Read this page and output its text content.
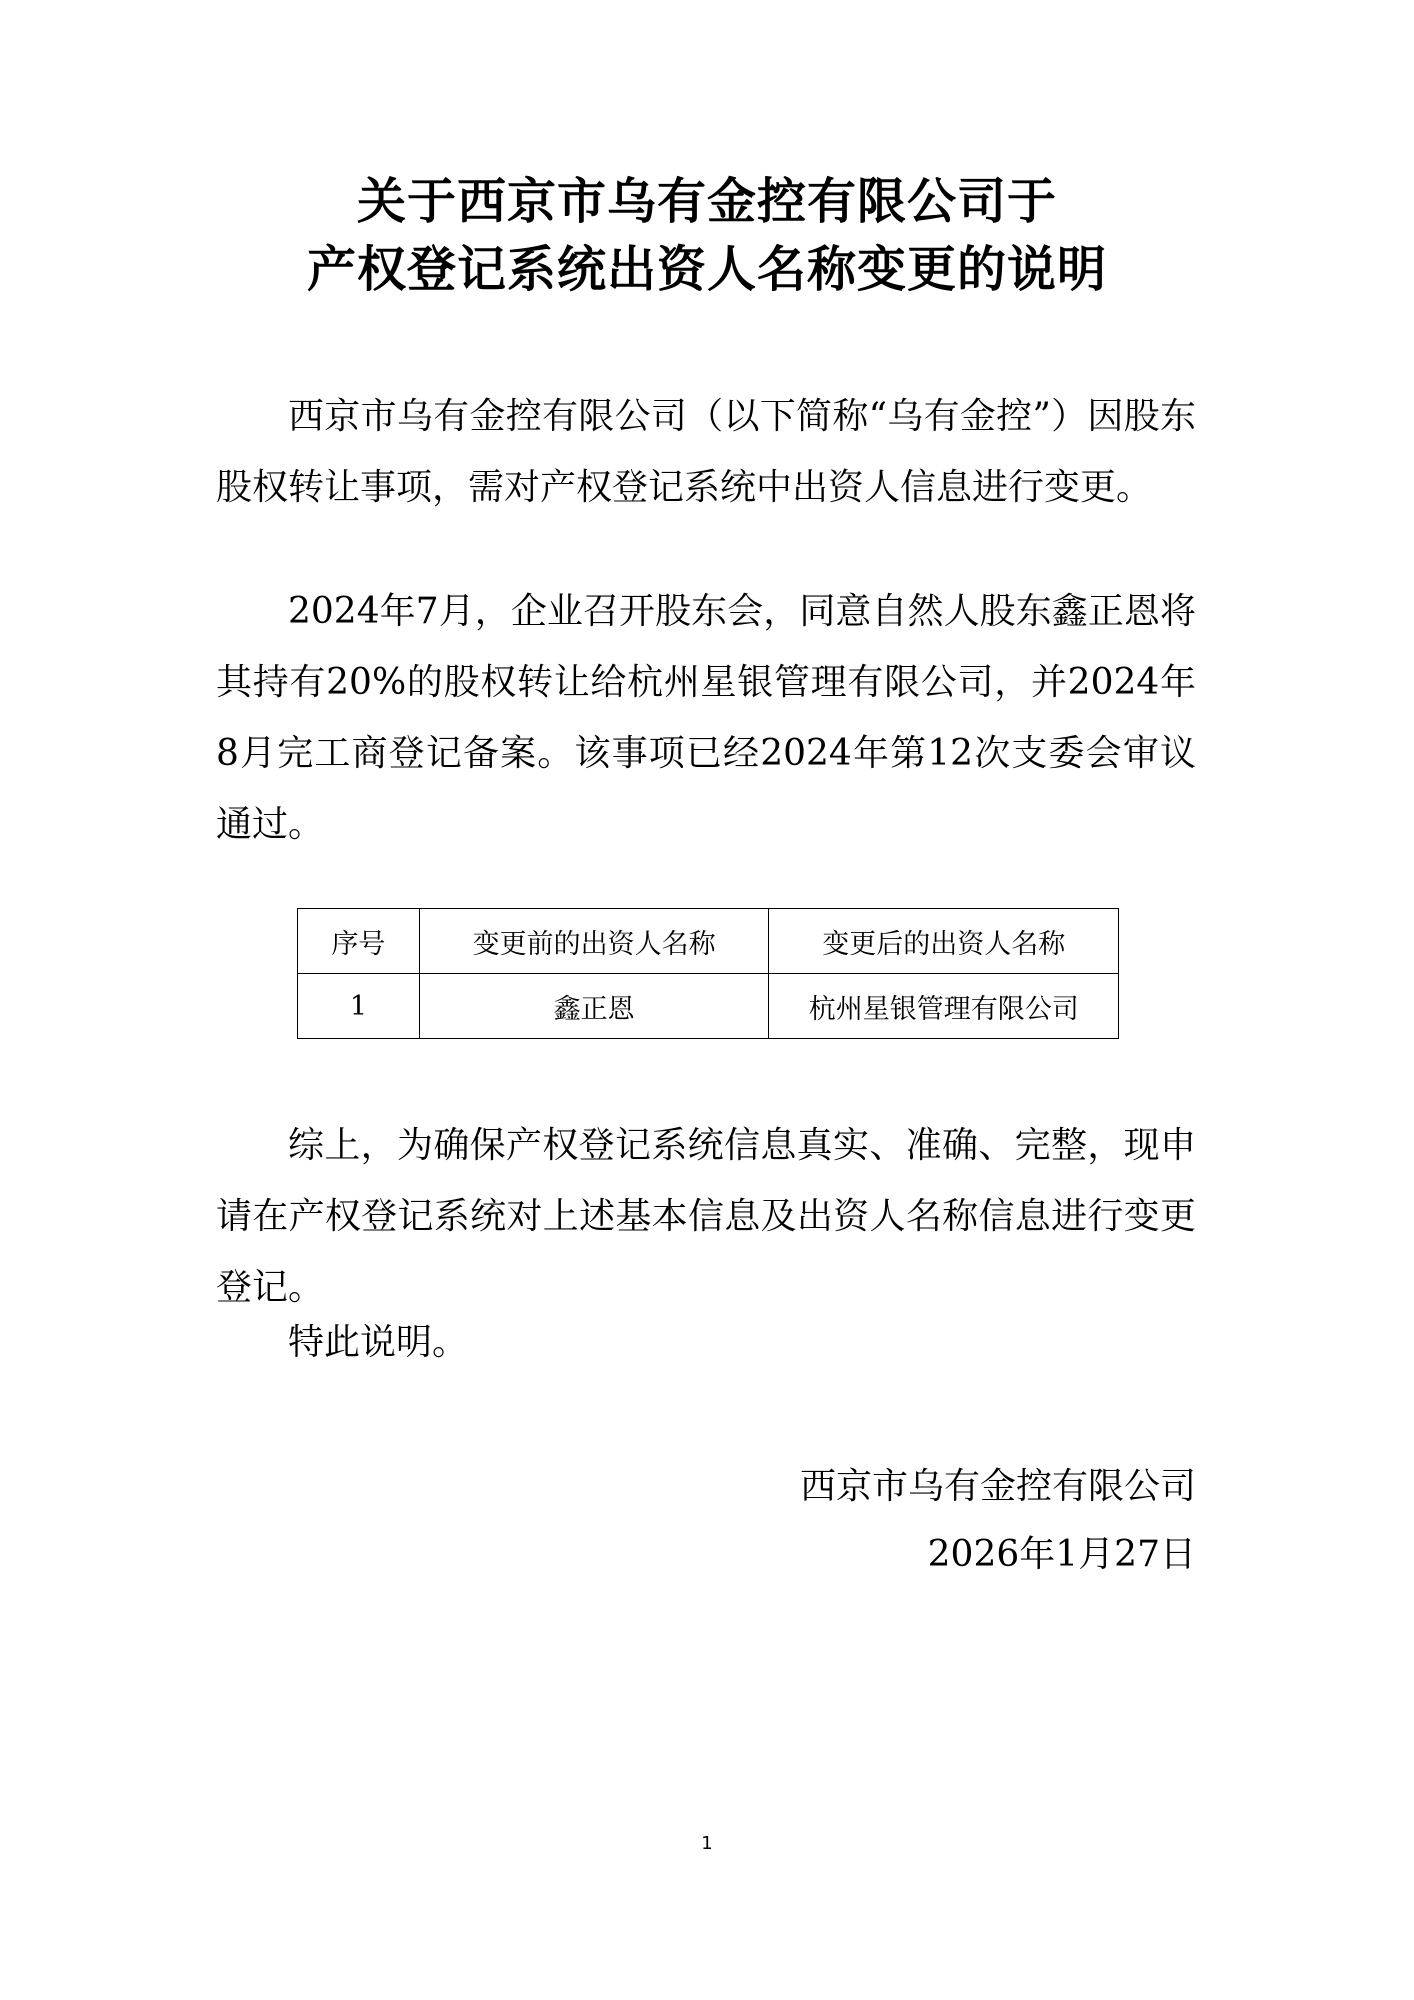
关于西京市乌有金控有限公司于
产权登记系统出资人名称变更的说明

西京市乌有金控有限公司（以下简称“乌有金控”）因股东股权转让事项，需对产权登记系统中出资人信息进行变更。

2024年7月，企业召开股东会，同意自然人股东鑫正恩将其持有20%的股权转让给杭州星银管理有限公司，并2024年8月完工商登记备案。该事项已经2024年第12次支委会审议通过。

序号	变更前的出资人名称	变更后的出资人名称
1	鑫正恩	杭州星银管理有限公司

综上，为确保产权登记系统信息真实、准确、完整，现申请在产权登记系统对上述基本信息及出资人名称信息进行变更登记。

特此说明。

西京市乌有金控有限公司
2026年1月27日
1
